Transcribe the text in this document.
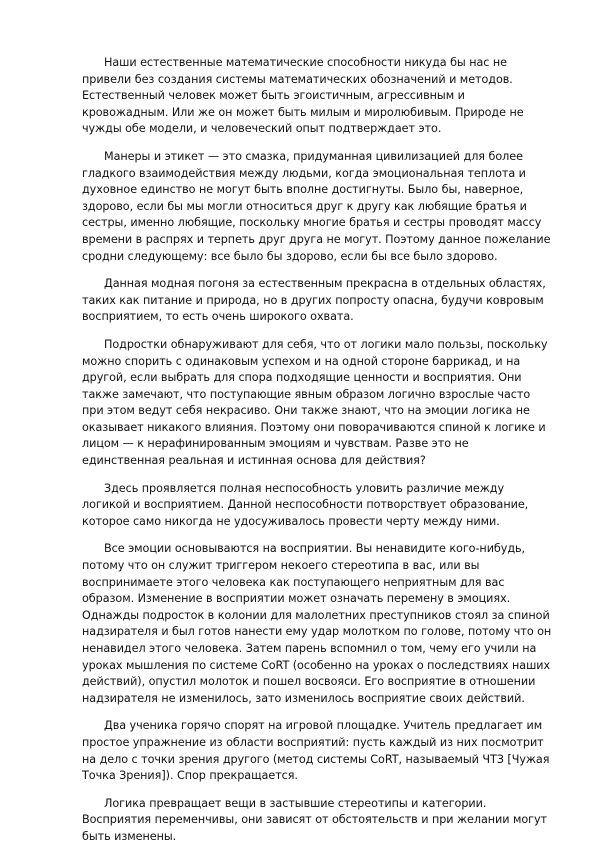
Наши естественные математические способности никуда бы нас не привели без создания системы математических обозначений и методов. Естественный человек может быть эгоистичным, агрессивным и кровожадным. Или же он может быть милым и миролюбивым. Природе не чужды обе модели, и человеческий опыт подтверждает это.

Манеры и этикет — это смазка, придуманная цивилизацией для более гладкого взаимодействия между людьми, когда эмоциональная теплота и духовное единство не могут быть вполне достигнуты. Было бы, наверное, здорово, если бы мы могли относиться друг к другу как любящие братья и сестры, именно любящие, поскольку многие братья и сестры проводят массу времени в распрях и терпеть друг друга не могут. Поэтому данное пожелание сродни следующему: все было бы здорово, если бы все было здорово.

Данная модная погоня за естественным прекрасна в отдельных областях, таких как питание и природа, но в других попросту опасна, будучи ковровым восприятием, то есть очень широкого охвата.

Подростки обнаруживают для себя, что от логики мало пользы, поскольку можно спорить с одинаковым успехом и на одной стороне баррикад, и на другой, если выбрать для спора подходящие ценности и восприятия. Они также замечают, что поступающие явным образом логично взрослые часто при этом ведут себя некрасиво. Они также знают, что на эмоции логика не оказывает никакого влияния. Поэтому они поворачиваются спиной к логике и лицом — к нерафинированным эмоциям и чувствам. Разве это не единственная реальная и истинная основа для действия?

Здесь проявляется полная неспособность уловить различие между логикой и восприятием. Данной неспособности потворствует образование, которое само никогда не удосуживалось провести черту между ними.

Все эмоции основываются на восприятии. Вы ненавидите кого-нибудь, потому что он служит триггером некоего стереотипа в вас, или вы воспринимаете этого человека как поступающего неприятным для вас образом. Изменение в восприятии может означать перемену в эмоциях. Однажды подросток в колонии для малолетних преступников стоял за спиной надзирателя и был готов нанести ему удар молотком по голове, потому что он ненавидел этого человека. Затем парень вспомнил о том, чему его учили на уроках мышления по системе CoRT (особенно на уроках о последствиях наших действий), опустил молоток и пошел восвояси. Его восприятие в отношении надзирателя не изменилось, зато изменилось восприятие своих действий.

Два ученика горячо спорят на игровой площадке. Учитель предлагает им простое упражнение из области восприятий: пусть каждый из них посмотрит на дело с точки зрения другого (метод системы CoRT, называемый ЧТЗ [Чужая Точка Зрения]). Спор прекращается.

Логика превращает вещи в застывшие стереотипы и категории. Восприятия переменчивы, они зависят от обстоятельств и при желании могут быть изменены.
